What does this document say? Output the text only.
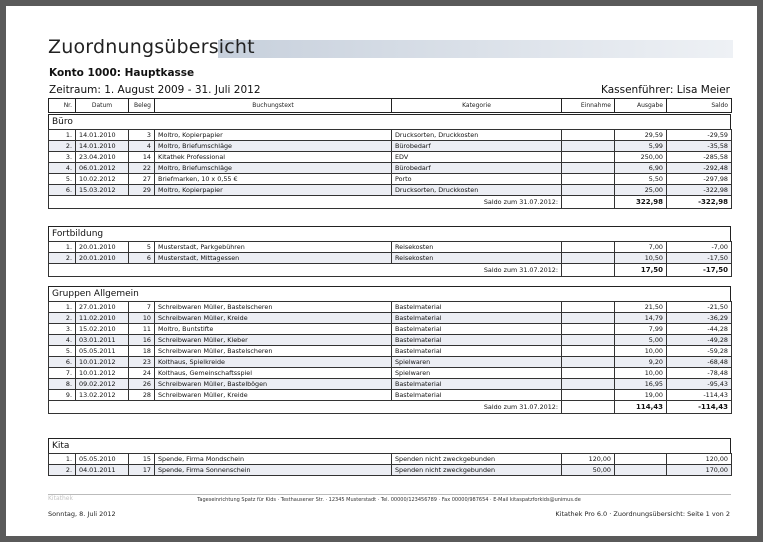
Zuordnungsübersicht
Konto 1000: Hauptkasse
Zeitraum: 1. August 2009 - 31. Juli 2012	Kassenführer: Lisa Meier
Nr.	Datum	Beleg	Buchungstext	Kategorie	Einnahme	Ausgabe	Saldo
Büro
1.	14.01.2010	3	Moltro, Kopierpapier	Drucksorten, Druckkosten		29,59	-29,59
2.	14.01.2010	4	Moltro, Briefumschläge	Bürobedarf		5,99	-35,58
3.	23.04.2010	14	Kitathek Professional	EDV		250,00	-285,58
4.	06.01.2012	22	Moltro, Briefumschläge	Bürobedarf		6,90	-292,48
5.	10.02.2012	27	Briefmarken, 10 x 0,55 €	Porto		5,50	-297,98
6.	15.03.2012	29	Moltro, Kopierpapier	Drucksorten, Druckkosten		25,00	-322,98
Saldo zum 31.07.2012:						322,98	-322,98
Fortbildung
1.	20.01.2010	5	Musterstadt, Parkgebühren	Reisekosten		7,00	-7,00
2.	20.01.2010	6	Musterstadt, Mittagessen	Reisekosten		10,50	-17,50
Saldo zum 31.07.2012:						17,50	-17,50
Gruppen Allgemein
1.	27.01.2010	7	Schreibwaren Müller, Bastelscheren	Bastelmaterial		21,50	-21,50
2.	11.02.2010	10	Schreibwaren Müller, Kreide	Bastelmaterial		14,79	-36,29
3.	15.02.2010	11	Moltro, Buntstifte	Bastelmaterial		7,99	-44,28
4.	03.01.2011	16	Schreibwaren Müller, Kleber	Bastelmaterial		5,00	-49,28
5.	05.05.2011	18	Schreibwaren Müller, Bastelscheren	Bastelmaterial		10,00	-59,28
6.	10.01.2012	23	Kolthaus, Spielkreide	Spielwaren		9,20	-68,48
7.	10.01.2012	24	Kolthaus, Gemeinschaftsspiel	Spielwaren		10,00	-78,48
8.	09.02.2012	26	Schreibwaren Müller, Bastelbögen	Bastelmaterial		16,95	-95,43
9.	13.02.2012	28	Schreibwaren Müller, Kreide	Bastelmaterial		19,00	-114,43
Saldo zum 31.07.2012:						114,43	-114,43
Kita
1.	05.05.2010	15	Spende, Firma Mondschein	Spenden nicht zweckgebunden	120,00		120,00
2.	04.01.2011	17	Spende, Firma Sonnenschein	Spenden nicht zweckgebunden	50,00		170,00
Kitathek	Tageseinrichtung Spatz für Kids · Testhausener Str. · 12345 Musterstadt · Tel. 00000/123456789 · Fax 00000/987654 · E-Mail kitaspatzforkids@unimus.de
Sonntag, 8. Juli 2012	Kitathek Pro 6.0 · Zuordnungsübersicht: Seite 1 von 2
